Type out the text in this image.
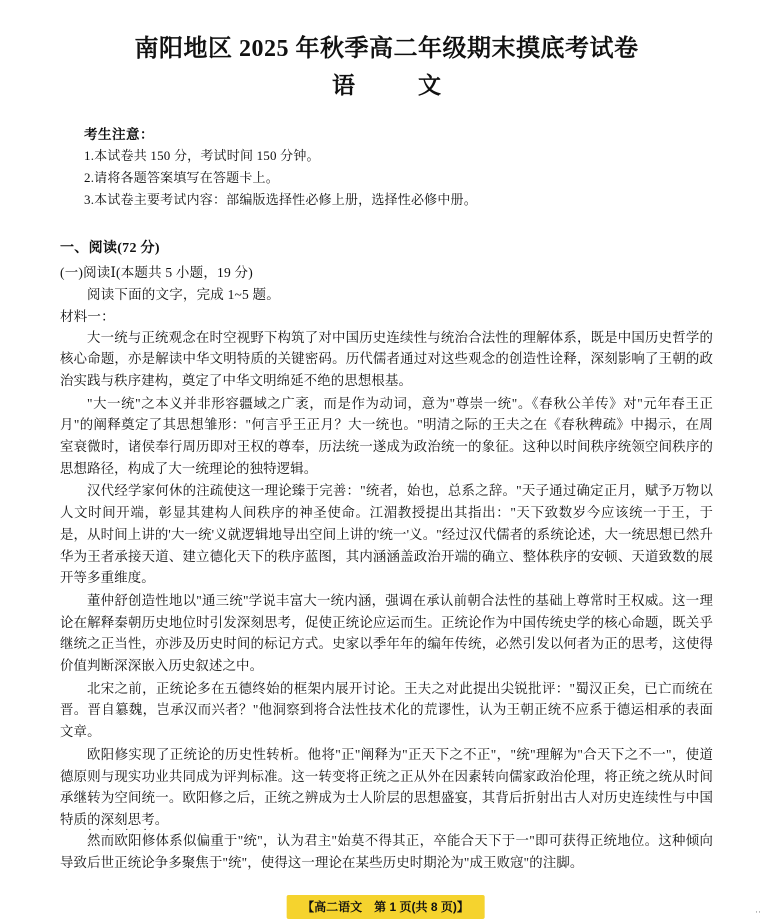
南阳地区 2025 年秋季高二年级期末摸底考试卷
语　文
考生注意：
1.本试卷共 150 分，考试时间 150 分钟。
2.请将各题答案填写在答题卡上。
3.本试卷主要考试内容：部编版选择性必修上册，选择性必修中册。
一、阅读(72 分)
(一)阅读Ⅰ(本题共 5 小题，19 分)
阅读下面的文字，完成 1~5 题。
材料一：

大一统与正统观念在时空视野下构筑了对中国历史连续性与统治合法性的理解体系，既是中国历史哲学的核心命题，亦是解读中华文明特质的关键密码。历代儒者通过对这些观念的创造性诠释，深刻影响了王朝的政治实践与秩序建构，奠定了中华文明绵延不绝的思想根基。

"大一统"之本义并非形容疆域之广袤，而是作为动词，意为"尊崇一统"。《春秋公羊传》对"元年春王正月"的阐释奠定了其思想雏形："何言乎王正月？大一统也。"明清之际的王夫之在《春秋稗疏》中揭示，在周室衰微时，诸侯奉行周历即对王权的尊奉，历法统一遂成为政治统一的象征。这种以时间秩序统领空间秩序的思想路径，构成了大一统理论的独特逻辑。

汉代经学家何休的注疏使这一理论臻于完善："统者，始也，总系之辞。"天子通过确定正月，赋予万物以人文时间开端，彰显其建构人间秩序的神圣使命。江湄教授提出其指出："天下致数岁今应该统一于王，于是，从时间上讲的'大一统'义就逻辑地导出空间上讲的'统一'义。"经过汉代儒者的系统论述，大一统思想已然升华为王者承接天道、建立德化天下的秩序蓝图，其内涵涵盖政治开端的确立、整体秩序的安顿、天道致数的展开等多重维度。

董仲舒创造性地以"通三统"学说丰富大一统内涵，强调在承认前朝合法性的基础上尊常时王权威。这一理论在解释秦朝历史地位时引发深刻思考，促使正统论应运而生。正统论作为中国传统史学的核心命题，既关乎继统之正当性，亦涉及历史时间的标记方式。史家以季年年的编年传统，必然引发以何者为正的思考，这使得价值判断深深嵌入历史叙述之中。

北宋之前，正统论多在五德终始的框架内展开讨论。王夫之对此提出尖锐批评："蜀汉正矣，已亡而统在晋。晋自簒魏，岂承汉而兴者？"他洞察到将合法性技术化的荒谬性，认为王朝正统不应系于德运相承的表面文章。

欧阳修实现了正统论的历史性转析。他将"正"阐释为"正天下之不正"，"统"理解为"合天下之不一"，使道德原则与现实功业共同成为评判标准。这一转变将正统之正从外在因素转向儒家政治伦理，将正统之统从时间承继转为空间统一。欧阳修之后，正统之辨成为士人阶层的思想盛宴，其背后折射出古人对历史连续性与中国特质的深刻思考。

· · · ·

然而欧阳修体系似偏重于"统"，认为君主"始莫不得其正，卒能合天下于一"即可获得正统地位。这种倾向导致后世正统论争多聚焦于"统"，使得这一理论在某些历史时期沦为"成王败寇"的注脚。

【高二语文　第 1 页(共 8 页)】	··
